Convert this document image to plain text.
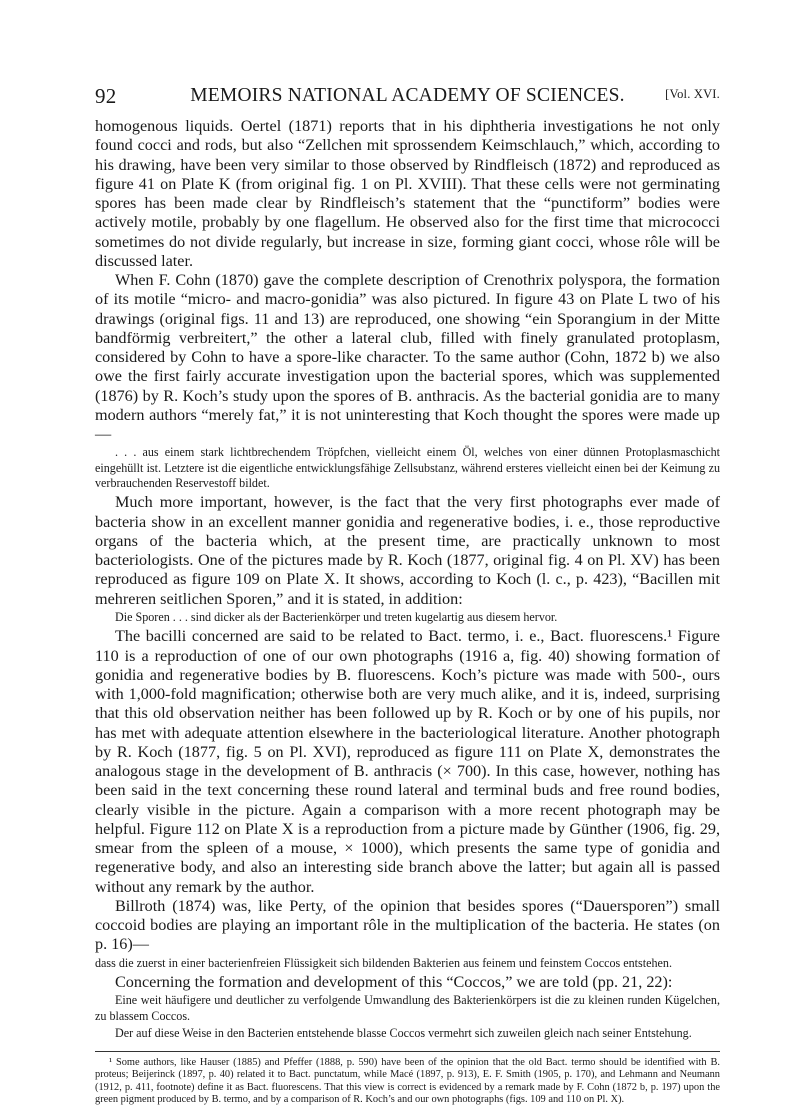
92	MEMOIRS NATIONAL ACADEMY OF SCIENCES.	[Vol. XVI.

homogenous liquids. Oertel (1871) reports that in his diphtheria investigations he not only found cocci and rods, but also “Zellchen mit sprossendem Keimschlauch,” which, according to his drawing, have been very similar to those observed by Rindfleisch (1872) and reproduced as figure 41 on Plate K (from original fig. 1 on Pl. XVIII). That these cells were not germinating spores has been made clear by Rindfleisch’s statement that the “punctiform” bodies were actively motile, probably by one flagellum. He observed also for the first time that micrococci sometimes do not divide regularly, but increase in size, forming giant cocci, whose rôle will be discussed later.

When F. Cohn (1870) gave the complete description of Crenothrix polyspora, the formation of its motile “micro- and macro-gonidia” was also pictured. In figure 43 on Plate L two of his drawings (original figs. 11 and 13) are reproduced, one showing “ein Sporangium in der Mitte bandförmig verbreitert,” the other a lateral club, filled with finely granulated protoplasm, considered by Cohn to have a spore-like character. To the same author (Cohn, 1872 b) we also owe the first fairly accurate investigation upon the bacterial spores, which was supplemented (1876) by R. Koch’s study upon the spores of B. anthracis. As the bacterial gonidia are to many modern authors “merely fat,” it is not uninteresting that Koch thought the spores were made up—

. . . aus einem stark lichtbrechendem Tröpfchen, vielleicht einem Öl, welches von einer dünnen Protoplasmaschicht eingehüllt ist. Letztere ist die eigentliche entwicklungsfähige Zellsubstanz, während ersteres vielleicht einen bei der Keimung zu verbrauchenden Reservestoff bildet.

Much more important, however, is the fact that the very first photographs ever made of bacteria show in an excellent manner gonidia and regenerative bodies, i. e., those reproductive organs of the bacteria which, at the present time, are practically unknown to most bacteriologists. One of the pictures made by R. Koch (1877, original fig. 4 on Pl. XV) has been reproduced as figure 109 on Plate X. It shows, according to Koch (l. c., p. 423), “Bacillen mit mehreren seitlichen Sporen,” and it is stated, in addition:

Die Sporen . . . sind dicker als der Bacterienkörper und treten kugelartig aus diesem hervor.

The bacilli concerned are said to be related to Bact. termo, i. e., Bact. fluorescens.¹ Figure 110 is a reproduction of one of our own photographs (1916 a, fig. 40) showing formation of gonidia and regenerative bodies by B. fluorescens. Koch’s picture was made with 500-, ours with 1,000-fold magnification; otherwise both are very much alike, and it is, indeed, surprising that this old observation neither has been followed up by R. Koch or by one of his pupils, nor has met with adequate attention elsewhere in the bacteriological literature. Another photograph by R. Koch (1877, fig. 5 on Pl. XVI), reproduced as figure 111 on Plate X, demonstrates the analogous stage in the development of B. anthracis (× 700). In this case, however, nothing has been said in the text concerning these round lateral and terminal buds and free round bodies, clearly visible in the picture. Again a comparison with a more recent photograph may be helpful. Figure 112 on Plate X is a reproduction from a picture made by Günther (1906, fig. 29, smear from the spleen of a mouse, × 1000), which presents the same type of gonidia and regenerative body, and also an interesting side branch above the latter; but again all is passed without any remark by the author.

Billroth (1874) was, like Perty, of the opinion that besides spores (“Dauersporen”) small coccoid bodies are playing an important rôle in the multiplication of the bacteria. He states (on p. 16)—

dass die zuerst in einer bacterienfreien Flüssigkeit sich bildenden Bakterien aus feinem und feinstem Coccos entstehen.

Concerning the formation and development of this “Coccos,” we are told (pp. 21, 22):

Eine weit häufigere und deutlicher zu verfolgende Umwandlung des Bakterienkörpers ist die zu kleinen runden Kügelchen, zu blassem Coccos.

Der auf diese Weise in den Bacterien entstehende blasse Coccos vermehrt sich zuweilen gleich nach seiner Entstehung.

¹ Some authors, like Hauser (1885) and Pfeffer (1888, p. 590) have been of the opinion that the old Bact. termo should be identified with B. proteus; Beijerinck (1897, p. 40) related it to Bact. punctatum, while Macé (1897, p. 913), E. F. Smith (1905, p. 170), and Lehmann and Neumann (1912, p. 411, footnote) define it as Bact. fluorescens. That this view is correct is evidenced by a remark made by F. Cohn (1872 b, p. 197) upon the green pigment produced by B. termo, and by a comparison of R. Koch’s and our own photographs (figs. 109 and 110 on Pl. X).
